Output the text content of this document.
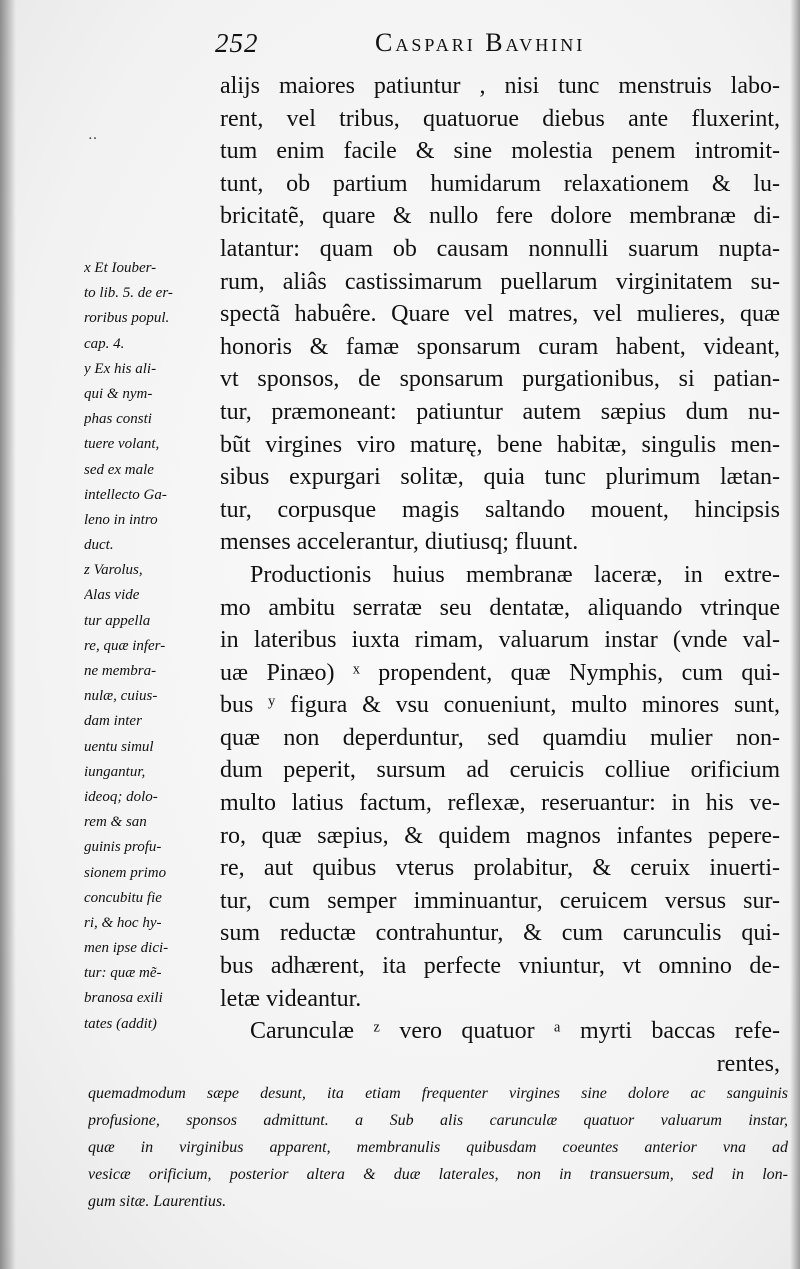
252	Caspari Bavhini
‥
alijs maiores patiuntur , nisi tunc menstruis labo-
rent, vel tribus, quatuorue diebus ante fluxerint,
tum enim facile & sine molestia penem intromit-
tunt, ob partium humidarum relaxationem & lu-
bricitatẽ, quare & nullo fere dolore membranæ di-
latantur: quam ob causam nonnulli suarum nupta-
rum, aliâs castissimarum puellarum virginitatem su-
spectã habuêre. Quare vel matres, vel mulieres, quæ
honoris & famæ sponsarum curam habent, videant,
vt sponsos, de sponsarum purgationibus, si patian-
tur, præmoneant: patiuntur autem sæpius dum nu-
bũt virgines viro maturę, bene habitæ, singulis men-
sibus expurgari solitæ, quia tunc plurimum lætan-
tur, corpusque magis saltando mouent, hincipsis
menses accelerantur, diutiusq; fluunt.
Productionis huius membranæ laceræ, in extre-
mo ambitu serratæ seu dentatæ, aliquando vtrinque
in lateribus iuxta rimam, valuarum instar (vnde val-
uæ Pinæo) ˣ propendent, quæ Nymphis, cum qui-
bus ʸ figura & vsu conueniunt, multo minores sunt,
quæ non deperduntur, sed quamdiu mulier non-
dum peperit, sursum ad ceruicis colliue orificium
multo latius factum, reflexæ, reseruantur: in his ve-
ro, quæ sæpius, & quidem magnos infantes pepere-
re, aut quibus vterus prolabitur, & ceruix inuerti-
tur, cum semper imminuantur, ceruicem versus sur-
sum reductæ contrahuntur, & cum carunculis qui-
bus adhærent, ita perfecte vniuntur, vt omnino de-
letæ videantur.
Carunculæ ᶻ vero quatuor ᵃ myrti baccas refe-
rentes,
x Et Iouber-
to lib. 5. de er-
roribus popul.
cap. 4.
y Ex his ali-
qui & nym-
phas consti
tuere volant,
sed ex male
intellecto Ga-
leno in intro
duct.
z Varolus,
Alas vide
tur appella
re, quæ infer-
ne membra-
nulæ, cuius-
dam inter
uentu simul
iungantur,
ideoq; dolo-
rem & san
guinis profu-
sionem primo
concubitu fie
ri, & hoc hy-
men ipse dici-
tur: quæ mẽ-
branosa exili
tates (addit)
quemadmodum sæpe desunt, ita etiam frequenter virgines sine dolore ac sanguinis
profusione, sponsos admittunt. a Sub alis carunculæ quatuor valuarum instar,
quæ in virginibus apparent, membranulis quibusdam coeuntes anterior vna ad
vesicæ orificium, posterior altera & duæ laterales, non in transuersum, sed in lon-
gum sitæ. Laurentius.
